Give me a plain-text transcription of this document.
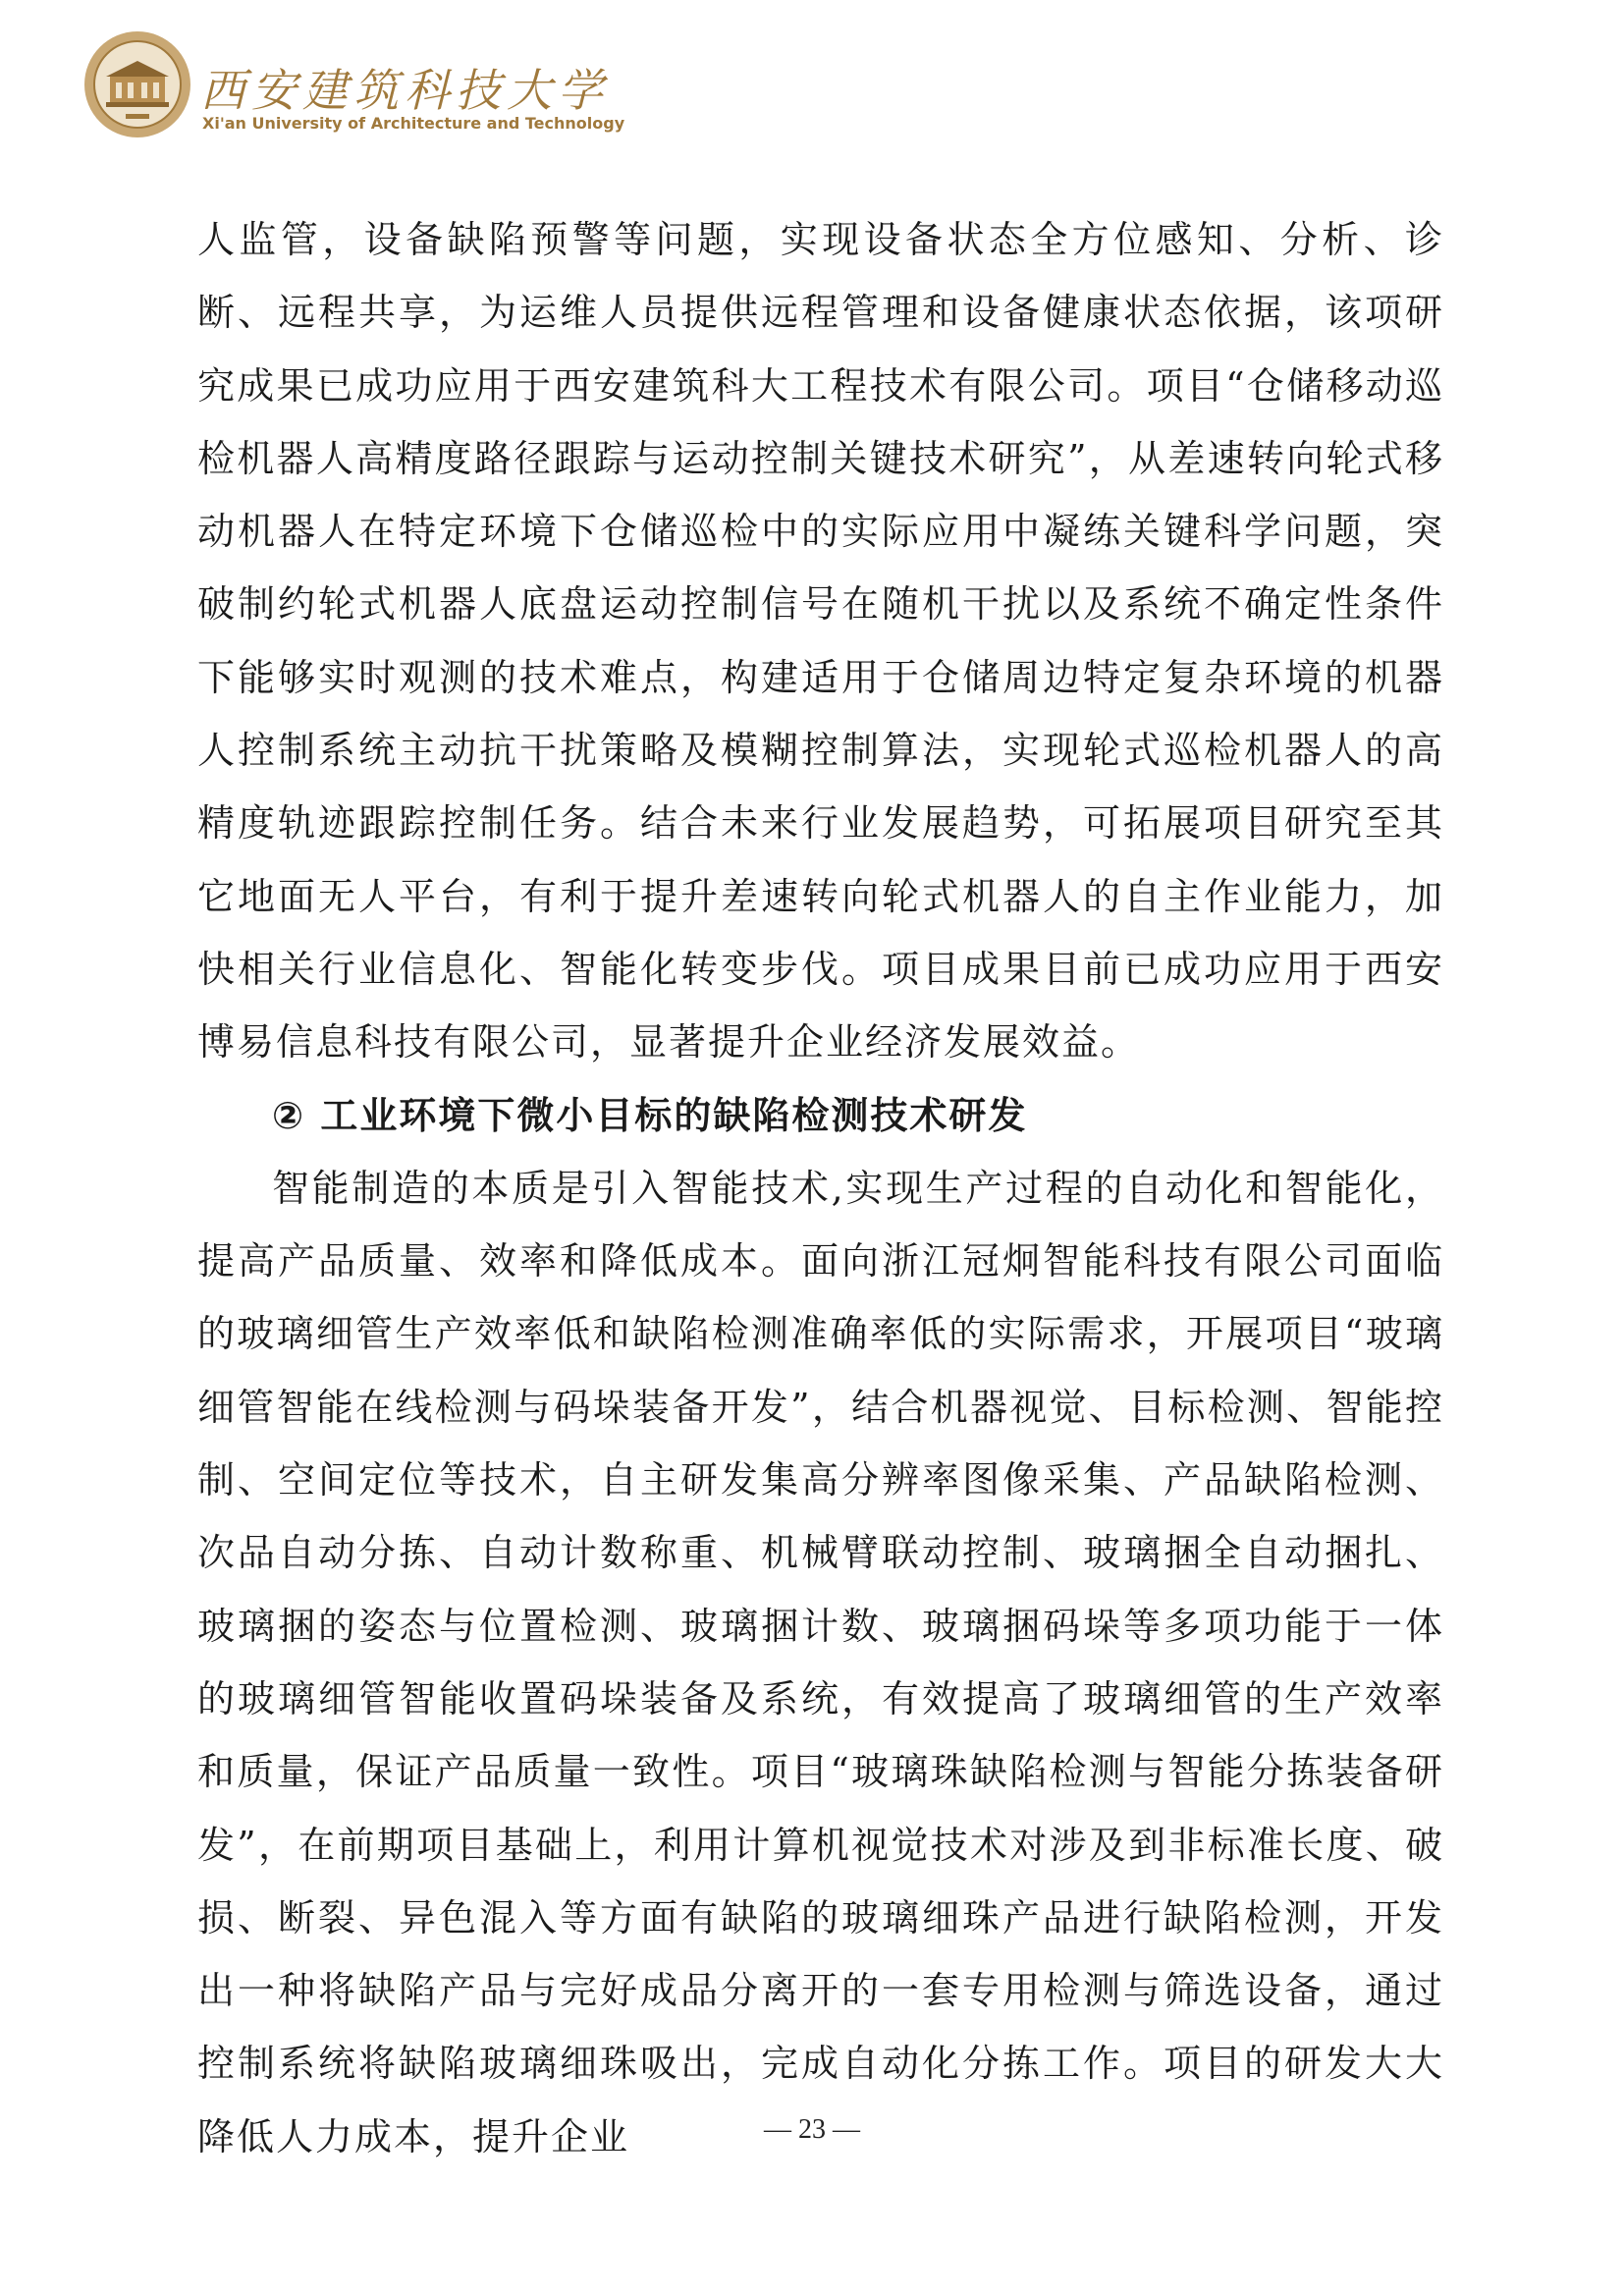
西安建筑科技大学
Xi'an University of Architecture and Technology

人监管，设备缺陷预警等问题，实现设备状态全方位感知、分析、诊断、远程共享，为运维人员提供远程管理和设备健康状态依据，该项研究成果已成功应用于西安建筑科大工程技术有限公司。项目“仓储移动巡检机器人高精度路径跟踪与运动控制关键技术研究”，从差速转向轮式移动机器人在特定环境下仓储巡检中的实际应用中凝练关键科学问题，突破制约轮式机器人底盘运动控制信号在随机干扰以及系统不确定性条件下能够实时观测的技术难点，构建适用于仓储周边特定复杂环境的机器人控制系统主动抗干扰策略及模糊控制算法，实现轮式巡检机器人的高精度轨迹跟踪控制任务。结合未来行业发展趋势，可拓展项目研究至其它地面无人平台，有利于提升差速转向轮式机器人的自主作业能力，加快相关行业信息化、智能化转变步伐。项目成果目前已成功应用于西安博易信息科技有限公司，显著提升企业经济发展效益。

② 工业环境下微小目标的缺陷检测技术研发

智能制造的本质是引入智能技术,实现生产过程的自动化和智能化，提高产品质量、效率和降低成本。面向浙江冠炯智能科技有限公司面临的玻璃细管生产效率低和缺陷检测准确率低的实际需求，开展项目“玻璃细管智能在线检测与码垛装备开发”，结合机器视觉、目标检测、智能控制、空间定位等技术，自主研发集高分辨率图像采集、产品缺陷检测、次品自动分拣、自动计数称重、机械臂联动控制、玻璃捆全自动捆扎、玻璃捆的姿态与位置检测、玻璃捆计数、玻璃捆码垛等多项功能于一体的玻璃细管智能收置码垛装备及系统，有效提高了玻璃细管的生产效率和质量，保证产品质量一致性。项目“玻璃珠缺陷检测与智能分拣装备研发”，在前期项目基础上，利用计算机视觉技术对涉及到非标准长度、破损、断裂、异色混入等方面有缺陷的玻璃细珠产品进行缺陷检测，开发出一种将缺陷产品与完好成品分离开的一套专用检测与筛选设备，通过控制系统将缺陷玻璃细珠吸出，完成自动化分拣工作。项目的研发大大降低人力成本，提升企业	— 23 —
